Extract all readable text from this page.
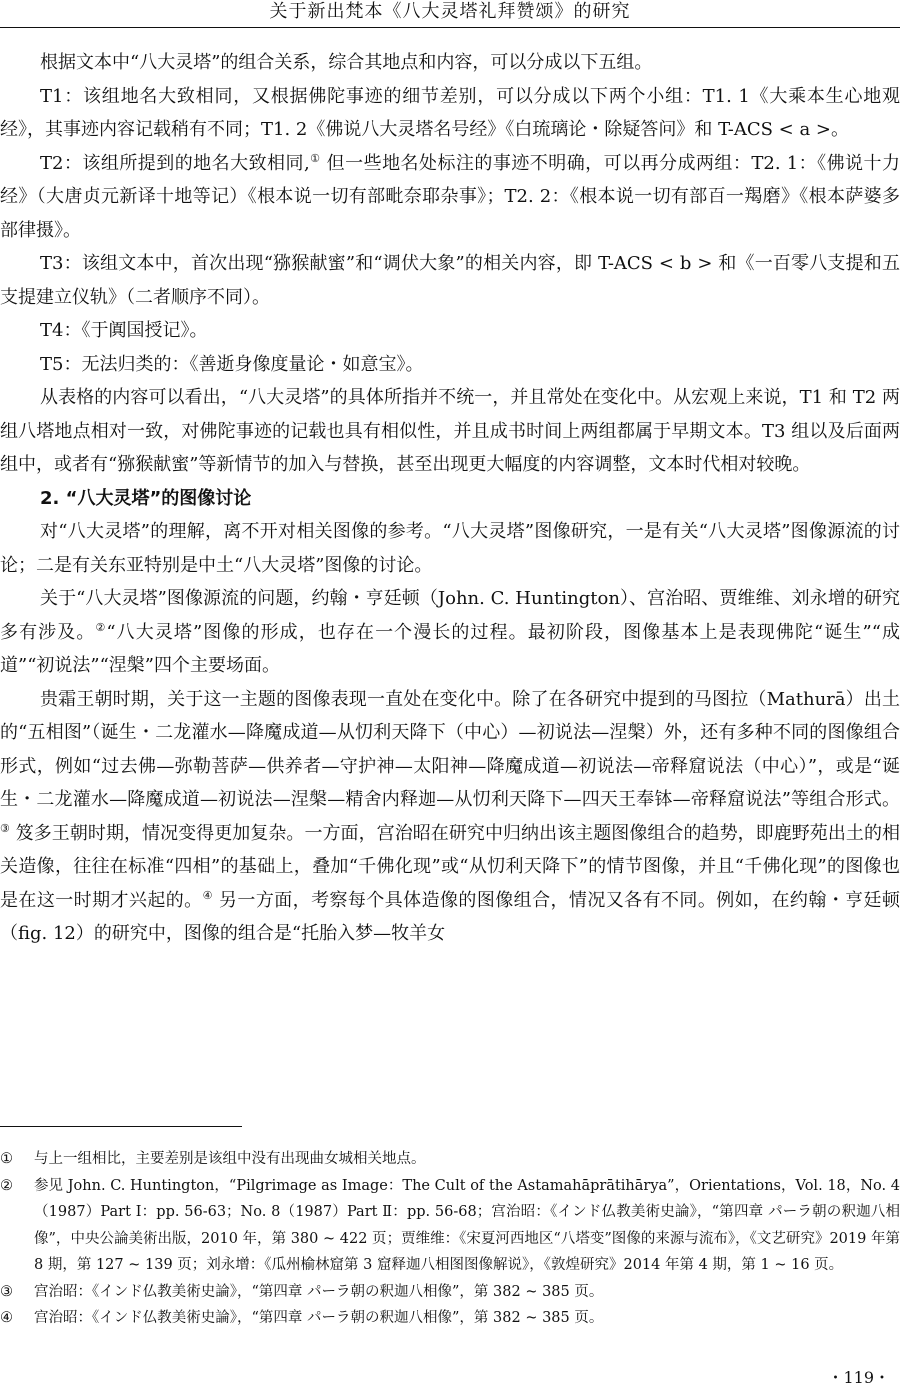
关于新出梵本《八大灵塔礼拜赞颂》的研究

根据文本中“八大灵塔”的组合关系，综合其地点和内容，可以分成以下五组。

T1：该组地名大致相同，又根据佛陀事迹的细节差别，可以分成以下两个小组：T1. 1《大乘本生心地观经》，其事迹内容记载稍有不同；T1. 2《佛说八大灵塔名号经》《白琉璃论・除疑答问》和 T-ACS < a >。

T2：该组所提到的地名大致相同,① 但一些地名处标注的事迹不明确，可以再分成两组：T2. 1：《佛说十力经》（大唐贞元新译十地等记）《根本说一切有部毗奈耶杂事》；T2. 2：《根本说一切有部百一羯磨》《根本萨婆多部律摄》。

T3：该组文本中，首次出现“猕猴献蜜”和“调伏大象”的相关内容，即 T-ACS < b > 和《一百零八支提和五支提建立仪轨》（二者顺序不同）。

T4：《于阗国授记》。

T5：无法归类的：《善逝身像度量论・如意宝》。

从表格的内容可以看出，“八大灵塔”的具体所指并不统一，并且常处在变化中。从宏观上来说，T1 和 T2 两组八塔地点相对一致，对佛陀事迹的记载也具有相似性，并且成书时间上两组都属于早期文本。T3 组以及后面两组中，或者有“猕猴献蜜”等新情节的加入与替换，甚至出现更大幅度的内容调整，文本时代相对较晚。

2. “八大灵塔”的图像讨论

对“八大灵塔”的理解，离不开对相关图像的参考。“八大灵塔”图像研究，一是有关“八大灵塔”图像源流的讨论；二是有关东亚特别是中土“八大灵塔”图像的讨论。

关于“八大灵塔”图像源流的问题，约翰・亨廷顿（John. C. Huntington）、宫治昭、贾维维、刘永增的研究多有涉及。②“八大灵塔”图像的形成，也存在一个漫长的过程。最初阶段，图像基本上是表现佛陀“诞生”“成道”“初说法”“涅槃”四个主要场面。

贵霜王朝时期，关于这一主题的图像表现一直处在变化中。除了在各研究中提到的马图拉（Mathurā）出土的“五相图”（诞生・二龙灌水—降魔成道—从忉利天降下（中心）—初说法—涅槃）外，还有多种不同的图像组合形式，例如“过去佛—弥勒菩萨—供养者—守护神—太阳神—降魔成道—初说法—帝释窟说法（中心）”，或是“诞生・二龙灌水—降魔成道—初说法—涅槃—精舍内释迦—从忉利天降下—四天王奉钵—帝释窟说法”等组合形式。③ 笈多王朝时期，情况变得更加复杂。一方面，宫治昭在研究中归纳出该主题图像组合的趋势，即鹿野苑出土的相关造像，往往在标准“四相”的基础上，叠加“千佛化现”或“从忉利天降下”的情节图像，并且“千佛化现”的图像也是在这一时期才兴起的。④ 另一方面，考察每个具体造像的图像组合，情况又各有不同。例如，在约翰・亨廷顿（fig. 12）的研究中，图像的组合是“托胎入梦—牧羊女

① 与上一组相比，主要差别是该组中没有出现曲女城相关地点。
② 参见 John. C. Huntington，“Pilgrimage as Image：The Cult of the Astamahāprātihārya”，Orientations，Vol. 18，No. 4（1987）Part Ⅰ：pp. 56-63；No. 8（1987）Part Ⅱ：pp. 56-68；宫治昭：《インド仏教美術史論》，“第四章 パーラ朝の釈迦八相像”，中央公論美術出版，2010 年，第 380 ~ 422 页；贾维维：《宋夏河西地区“八塔变”图像的来源与流布》，《文艺研究》2019 年第 8 期，第 127 ~ 139 页；刘永增：《瓜州榆林窟第 3 窟释迦八相图图像解说》，《敦煌研究》2014 年第 4 期，第 1 ~ 16 页。
③ 宫治昭：《インド仏教美術史論》，“第四章 パーラ朝の釈迦八相像”，第 382 ~ 385 页。
④ 宫治昭：《インド仏教美術史論》，“第四章 パーラ朝の釈迦八相像”，第 382 ~ 385 页。
・119・
